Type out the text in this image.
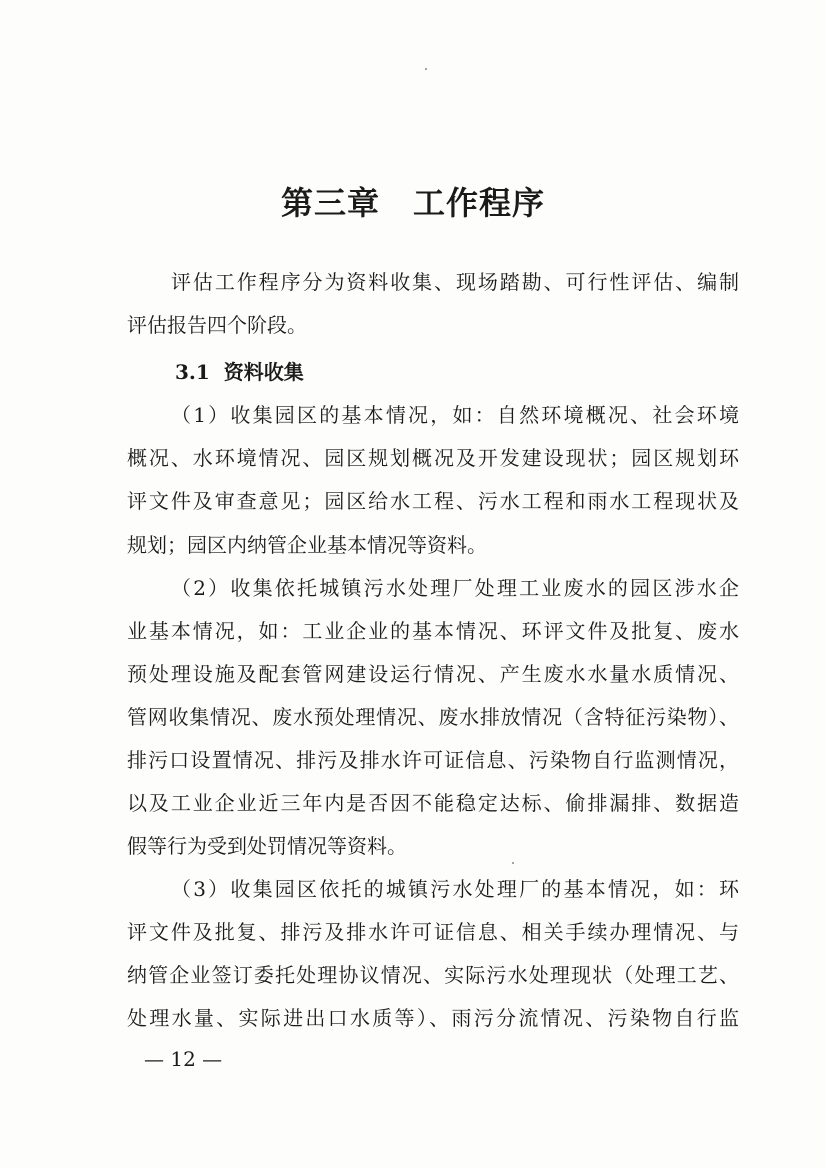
第三章　工作程序
评估工作程序分为资料收集、现场踏勘、可行性评估、编制
评估报告四个阶段。
3.1  资料收集
（1）收集园区的基本情况，如：自然环境概况、社会环境
概况、水环境情况、园区规划概况及开发建设现状；园区规划环
评文件及审查意见；园区给水工程、污水工程和雨水工程现状及
规划；园区内纳管企业基本情况等资料。
（2）收集依托城镇污水处理厂处理工业废水的园区涉水企
业基本情况，如：工业企业的基本情况、环评文件及批复、废水
预处理设施及配套管网建设运行情况、产生废水水量水质情况、
管网收集情况、废水预处理情况、废水排放情况（含特征污染物）、
排污口设置情况、排污及排水许可证信息、污染物自行监测情况，
以及工业企业近三年内是否因不能稳定达标、偷排漏排、数据造
假等行为受到处罚情况等资料。
（3）收集园区依托的城镇污水处理厂的基本情况，如：环
评文件及批复、排污及排水许可证信息、相关手续办理情况、与
纳管企业签订委托处理协议情况、实际污水处理现状（处理工艺、
处理水量、实际进出口水质等）、雨污分流情况、污染物自行监
— 12 —
